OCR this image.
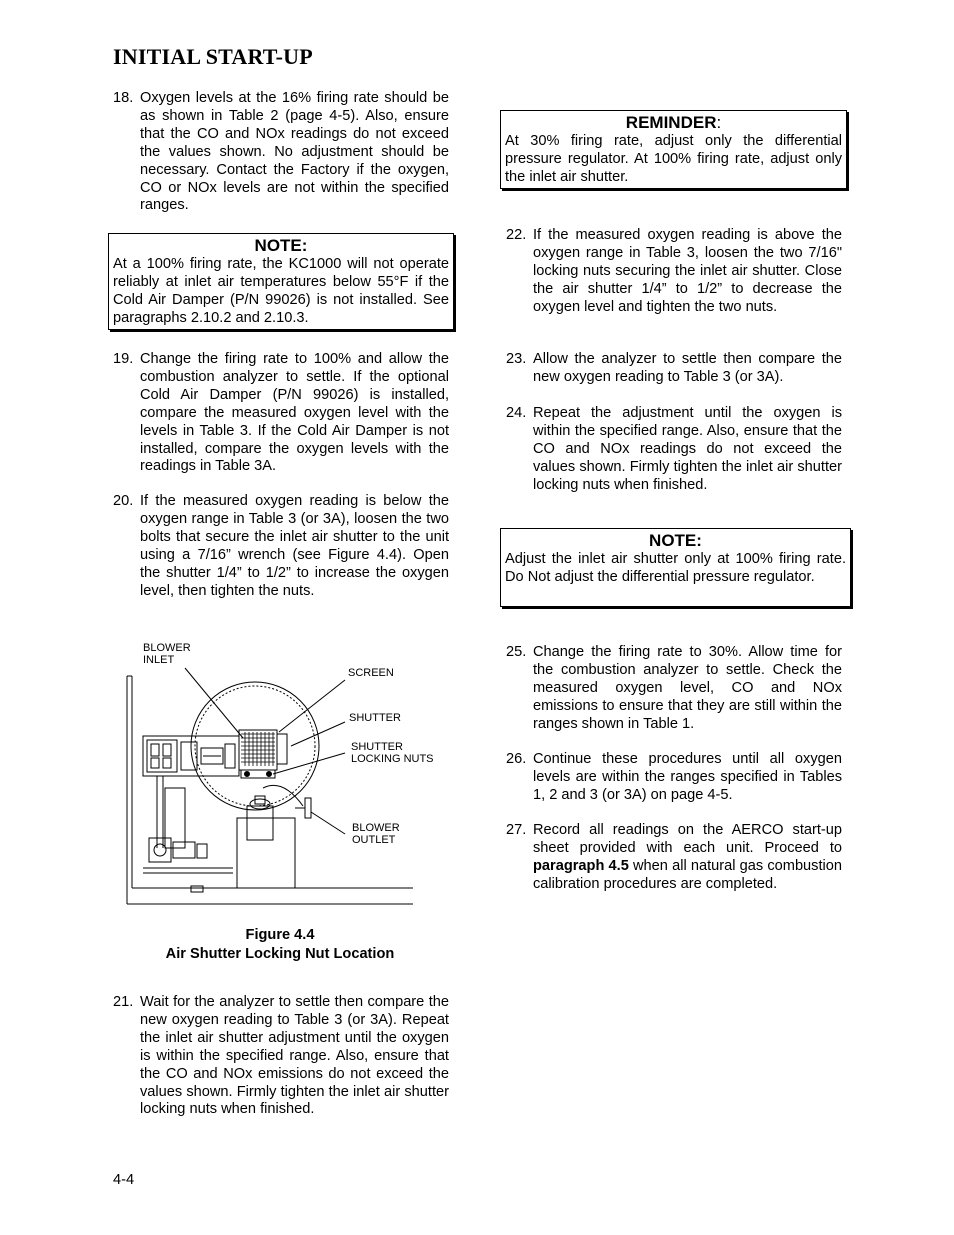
INITIAL START-UP
18. Oxygen levels at the 16% firing rate should be as shown in Table 2 (page 4-5). Also, ensure that the CO and NOx readings do not exceed the values shown. No adjustment should be necessary. Contact the Factory if the oxygen, CO or NOx levels are not within the specified ranges.
NOTE:
At a 100% firing rate, the KC1000 will not operate reliably at inlet air temperatures below 55°F if the Cold Air Damper (P/N 99026) is not installed. See paragraphs 2.10.2 and 2.10.3.
19. Change the firing rate to 100% and allow the combustion analyzer to settle. If the optional Cold Air Damper (P/N 99026) is installed, compare the measured oxygen level with the levels in Table 3. If the Cold Air Damper is not installed, compare the oxygen levels with the readings in Table 3A.
20. If the measured oxygen reading is below the oxygen range in Table 3 (or 3A), loosen the two bolts that secure the inlet air shutter to the unit using a 7/16” wrench (see Figure 4.4). Open the shutter 1/4” to 1/2” to increase the oxygen level, then tighten the nuts.
BLOWER
INLET
SCREEN
SHUTTER
SHUTTER
LOCKING NUTS
BLOWER
OUTLET
Figure 4.4
Air Shutter Locking Nut Location
21. Wait for the analyzer to settle then compare the new oxygen reading to Table 3 (or 3A). Repeat the inlet air shutter adjustment until the oxygen is within the specified range. Also, ensure that the CO and NOx emissions do not exceed the values shown. Firmly tighten the inlet air shutter locking nuts when finished.
REMINDER:
At 30% firing rate, adjust only the differential pressure regulator. At 100% firing rate, adjust only the inlet air shutter.
22. If the measured oxygen reading is above the oxygen range in Table 3, loosen the two 7/16" locking nuts securing the inlet air shutter. Close the air shutter 1/4” to 1/2” to decrease the oxygen level and tighten the two nuts.
23. Allow the analyzer to settle then compare the new oxygen reading to Table 3 (or 3A).
24. Repeat the adjustment until the oxygen is within the specified range. Also, ensure that the CO and NOx readings do not exceed the values shown. Firmly tighten the inlet air shutter locking nuts when finished.
NOTE:
Adjust the inlet air shutter only at 100% firing rate. Do Not adjust the differential pressure regulator.
25. Change the firing rate to 30%. Allow time for the combustion analyzer to settle. Check the measured oxygen level, CO and NOx emissions to ensure that they are still within the ranges shown in Table 1.
26. Continue these procedures until all oxygen levels are within the ranges specified in Tables 1, 2 and 3 (or 3A) on page 4-5.
27. Record all readings on the AERCO start-up sheet provided with each unit. Proceed to paragraph 4.5 when all natural gas combustion calibration procedures are completed.
4-4
